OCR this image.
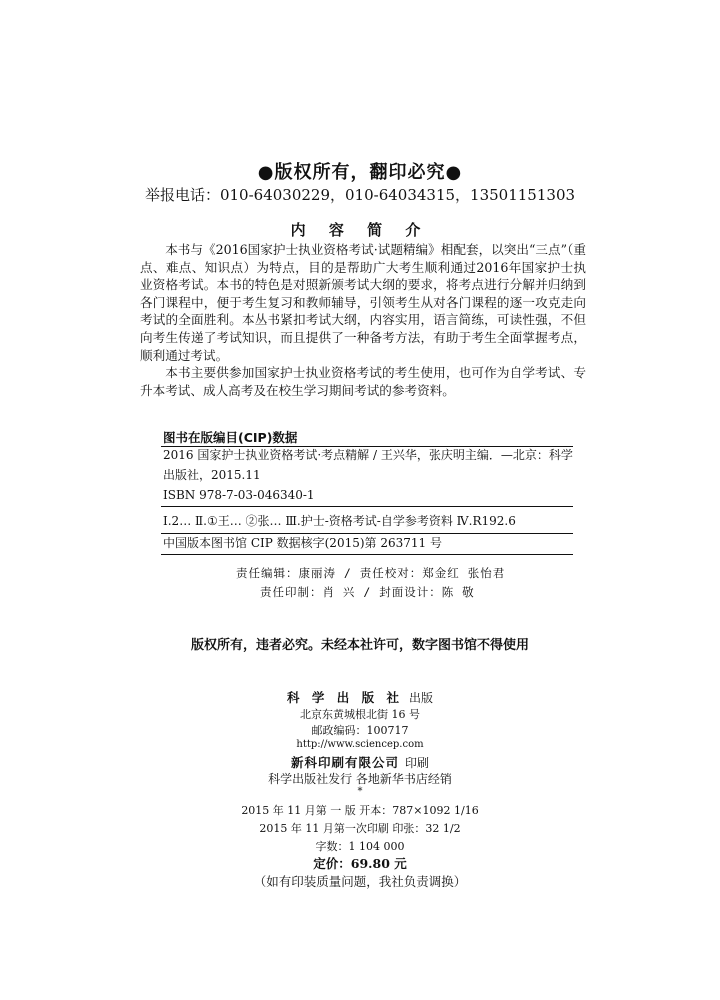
●版权所有，翻印必究●
举报电话：010-64030229，010-64034315，13501151303
内 容 简 介

本书与《2016国家护士执业资格考试·试题精编》相配套，以突出“三点”（重点、难点、知识点）为特点，目的是帮助广大考生顺利通过2016年国家护士执业资格考试。本书的特色是对照新颁考试大纲的要求，将考点进行分解并归纳到各门课程中，便于考生复习和教师辅导，引领考生从对各门课程的逐一攻克走向考试的全面胜利。本丛书紧扣考试大纲，内容实用，语言简练，可读性强，不但向考生传递了考试知识，而且提供了一种备考方法，有助于考生全面掌握考点，顺利通过考试。

本书主要供参加国家护士执业资格考试的考生使用，也可作为自学考试、专升本考试、成人高考及在校生学习期间考试的参考资料。

图书在版编目(CIP)数据
2016 国家护士执业资格考试·考点精解 / 王兴华，张庆明主编．—北京：科学
出版社，2015.11
ISBN 978-7-03-046340-1
Ⅰ.2… Ⅱ.①王… ②张… Ⅲ.护士-资格考试-自学参考资料 Ⅳ.R192.6
中国版本图书馆 CIP 数据核字(2015)第 263711 号
责任编辑：康丽涛 / 责任校对：郑金红 张怡君
责任印制：肖 兴 / 封面设计：陈 敬
版权所有，违者必究。未经本社许可，数字图书馆不得使用
科 学 出 版 社 出版
北京东黄城根北街 16 号
邮政编码：100717
http://www.sciencep.com
新科印刷有限公司 印刷
科学出版社发行 各地新华书店经销
*
2015 年 11 月第 一 版 开本：787×1092 1/16
2015 年 11 月第一次印刷 印张：32 1/2
字数：1 104 000
定价：69.80 元
（如有印装质量问题，我社负责调换）
